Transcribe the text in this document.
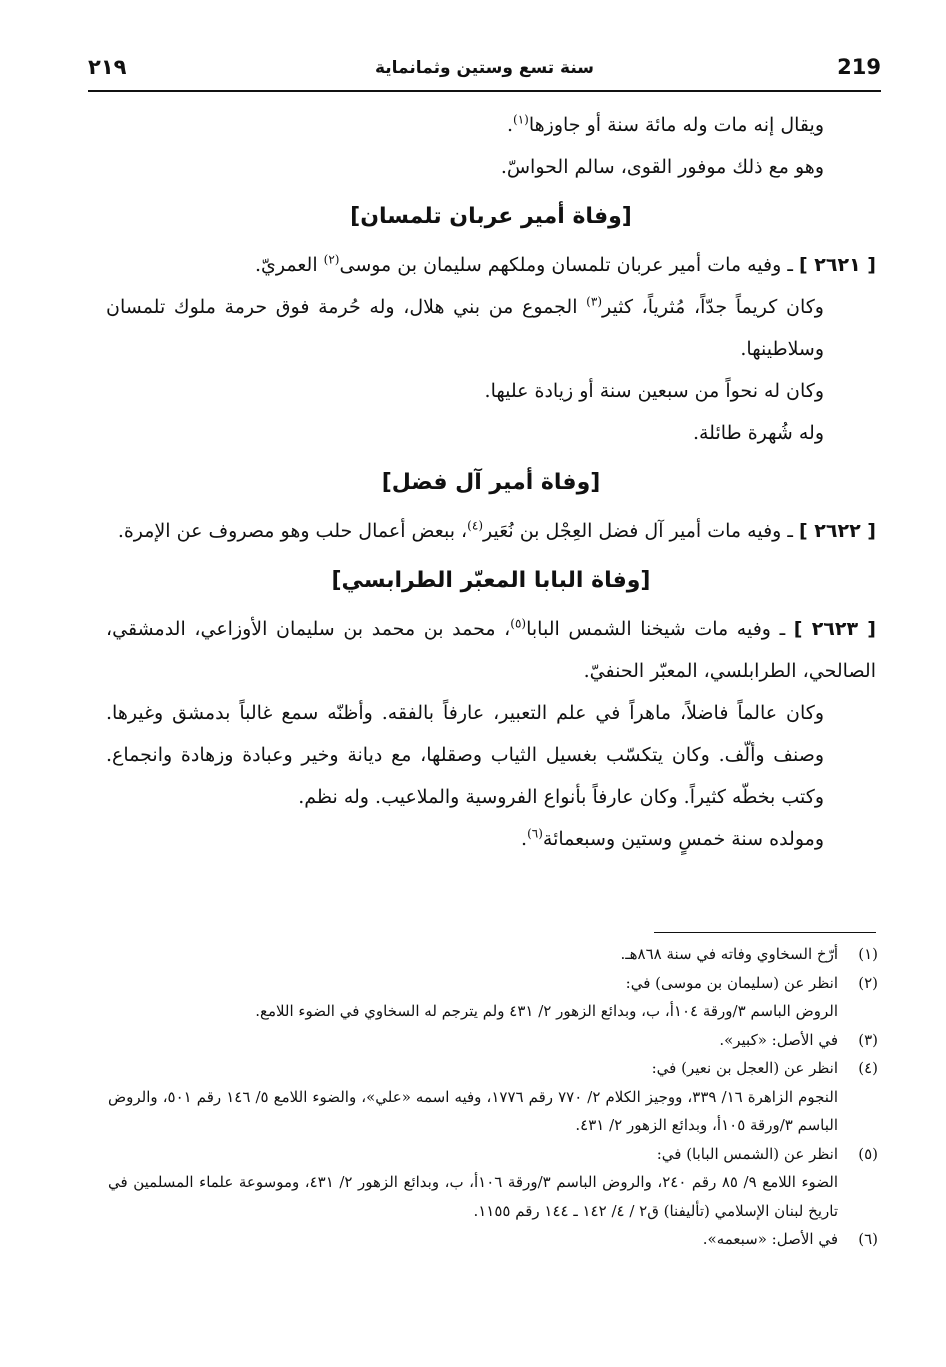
219
سنة تسع وستين وثمانماية
٢١٩

ويقال إنه مات وله مائة سنة أو جاوزها$^{(١)}$.

وهو مع ذلك موفور القوى، سالم الحواسّ.

[وفاة أمير عربان تلمسان]

[ ٢٦٢١ ] ـ وفيه مات أمير عربان تلمسان وملكهم سليمان بن موسى$^{(٢)}$ العمريّ.

وكان كريماً جدّاً، مُثرياً، كثير$^{(٣)}$ الجموع من بني هلال، وله حُرمة فوق حرمة ملوك تلمسان وسلاطينها.

وكان له نحواً من سبعين سنة أو زيادة عليها.

وله شُهرة طائلة.

[وفاة أمير آل فضل]

[ ٢٦٢٢ ] ـ وفيه مات أمير آل فضل العِجْل بن نُعَير$^{(٤)}$، ببعض أعمال حلب وهو مصروف عن الإمرة.

[وفاة البابا المعبّر الطرابسي]

[ ٢٦٢٣ ] ـ وفيه مات شيخنا الشمس البابا$^{(٥)}$، محمد بن محمد بن سليمان الأوزاعي، الدمشقي، الصالحي، الطرابلسي، المعبّر الحنفيّ.

وكان عالماً فاضلاً، ماهراً في علم التعبير، عارفاً بالفقه. وأظنّه سمع غالباً بدمشق وغيرها. وصنف وألّف. وكان يتكسّب بغسيل الثياب وصقلها، مع ديانة وخير وعبادة وزهادة وانجماع. وكتب بخطّه كثيراً. وكان عارفاً بأنواع الفروسية والملاعيب. وله نظم.

ومولده سنة خمسٍ وستين وسبعمائة$^{(٦)}$.

(١)
أرّخ السخاوي وفاته في سنة ٨٦٨هـ.
(٢)
انظر عن (سليمان بن موسى) في:
الروض الباسم ٣/ورقة ١٠٤أ، ب، وبدائع الزهور ٢/ ٤٣١ ولم يترجم له السخاوي في الضوء اللامع.
(٣)
في الأصل: «كبير».
(٤)
انظر عن (العجل بن نعير) في:
النجوم الزاهرة ١٦/ ٣٣٩، ووجيز الكلام ٢/ ٧٧٠ رقم ١٧٧٦، وفيه اسمه «علي»، والضوء اللامع ٥/ ١٤٦ رقم ٥٠١، والروض الباسم ٣/ورقة ١٠٥أ، وبدائع الزهور ٢/ ٤٣١.
(٥)
انظر عن (الشمس البابا) في:
الضوء اللامع ٩/ ٨٥ رقم ٢٤٠، والروض الباسم ٣/ورقة ١٠٦أ، ب، وبدائع الزهور ٢/ ٤٣١، وموسوعة علماء المسلمين في تاريخ لبنان الإسلامي (تأليفنا) ق٢ / ٤/ ١٤٢ ـ ١٤٤ رقم ١١٥٥.
(٦)
في الأصل: «سبعمه».
